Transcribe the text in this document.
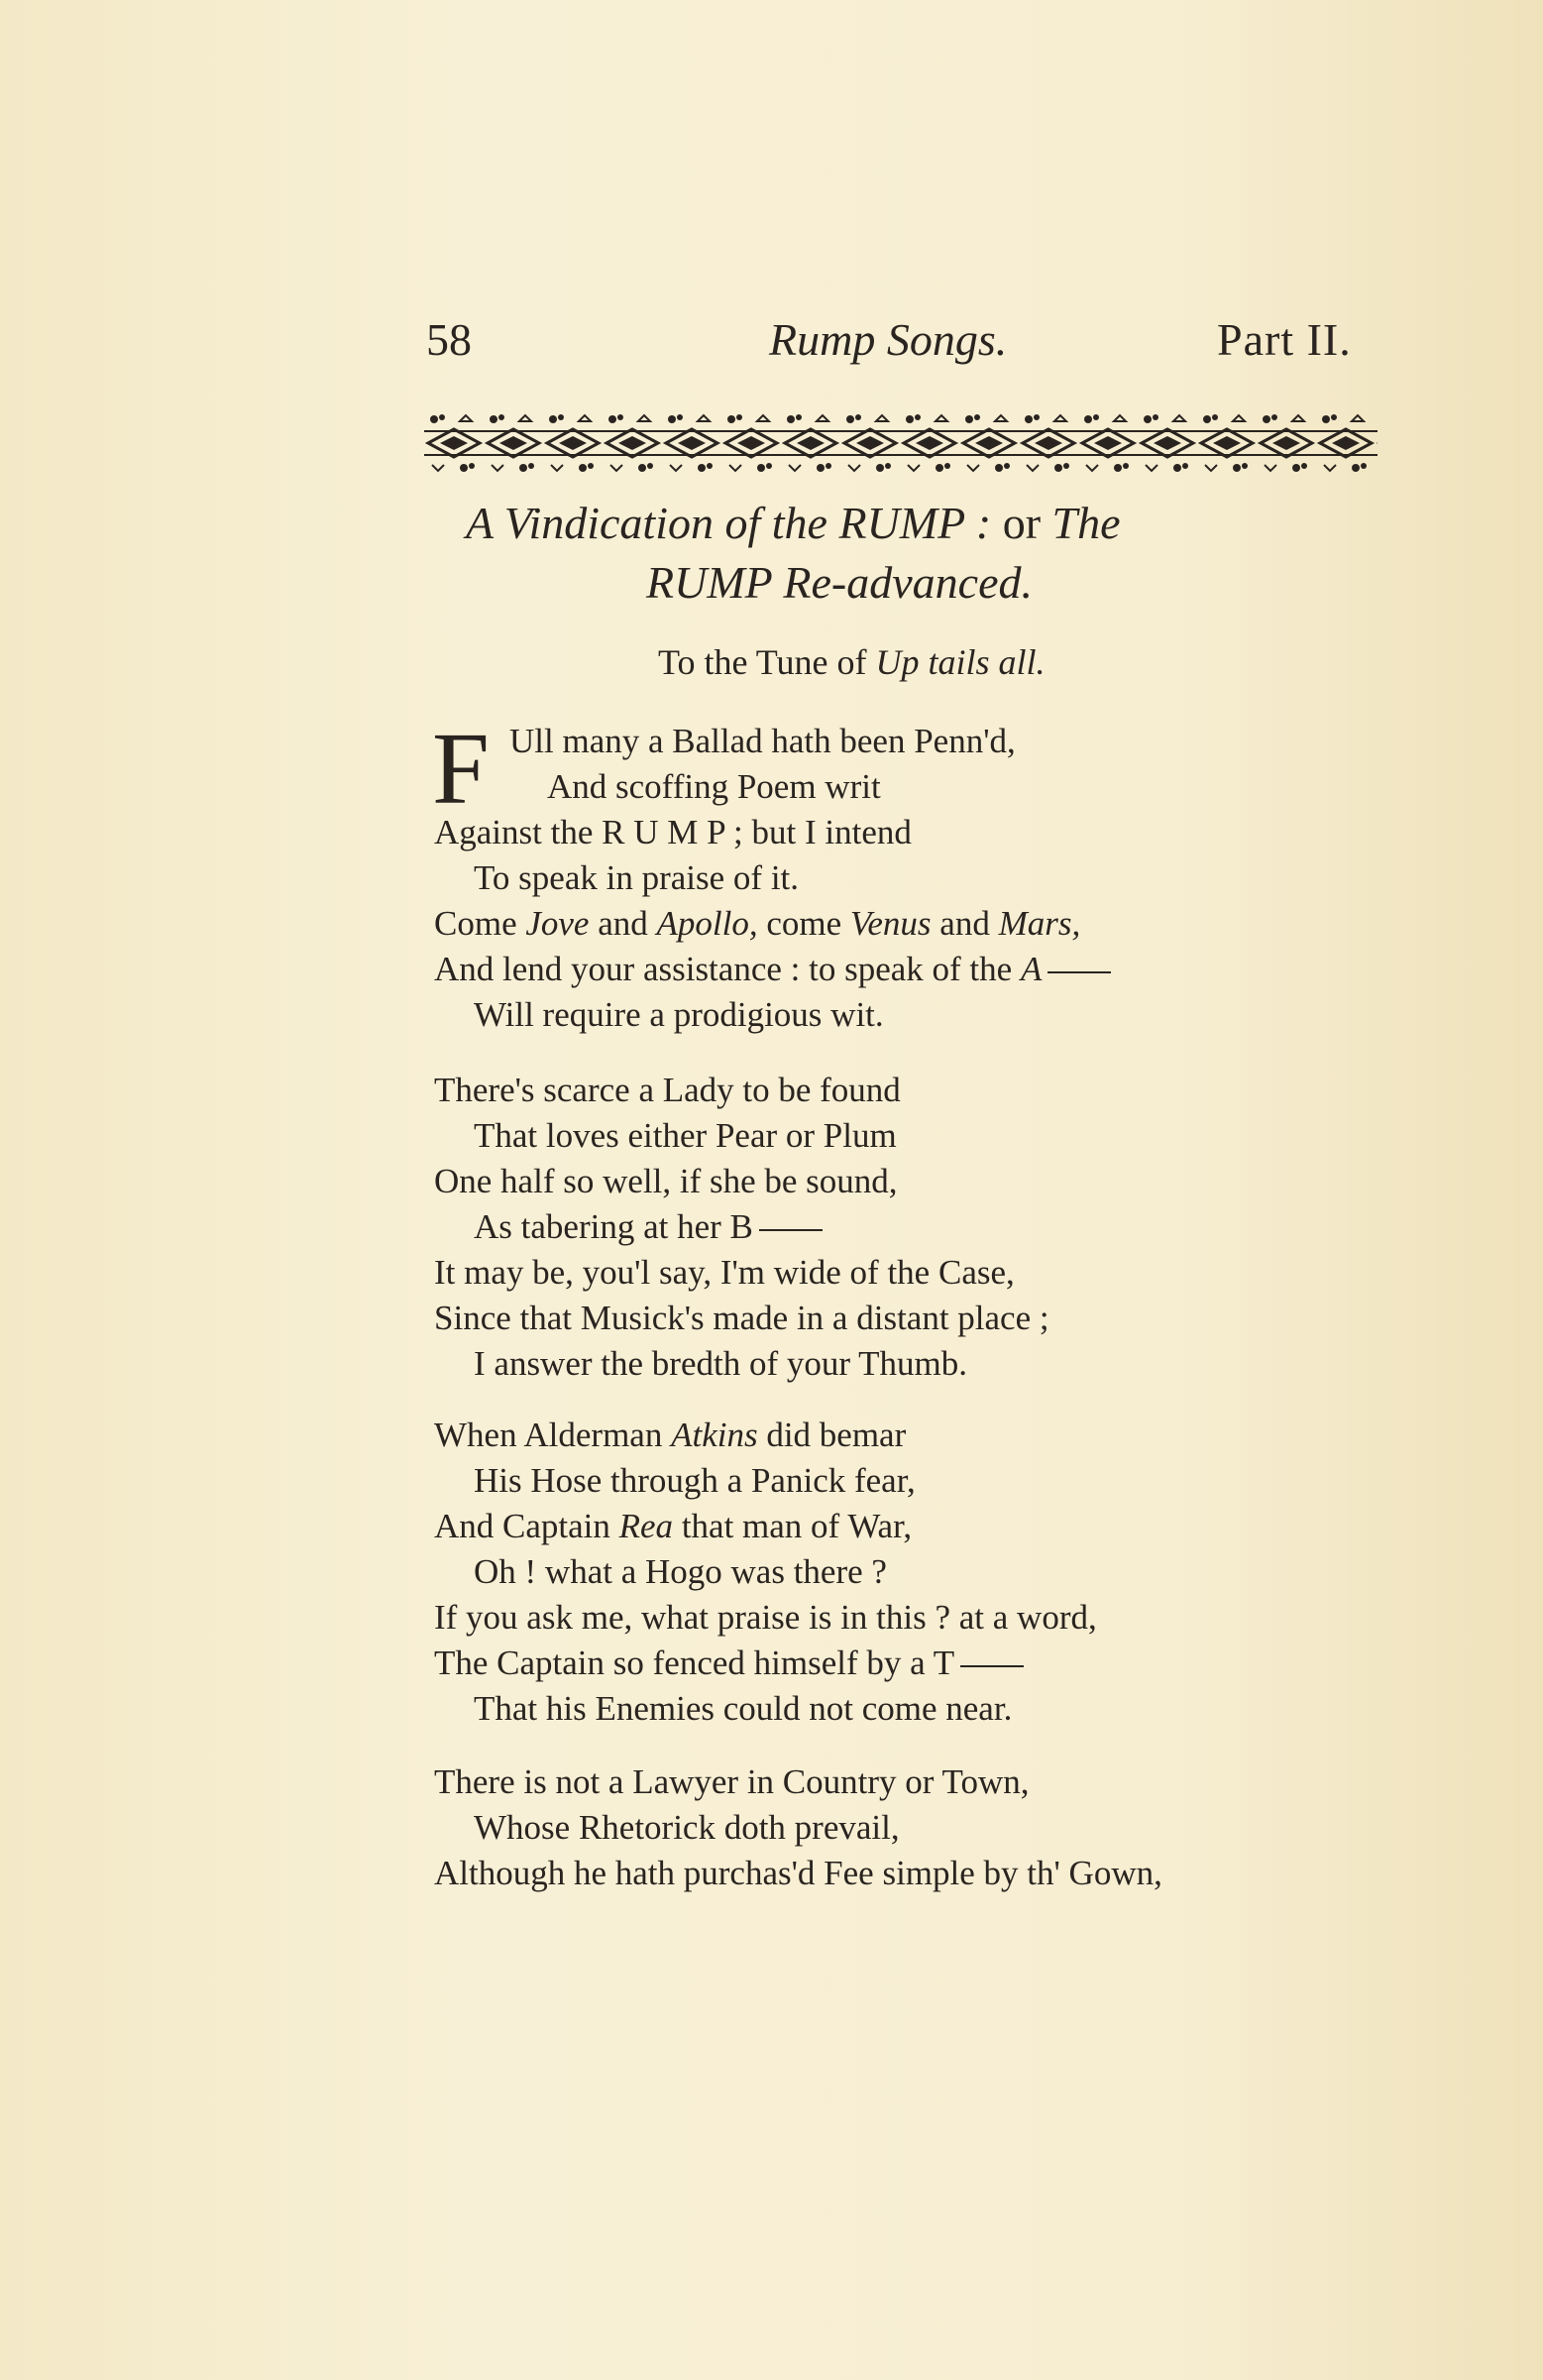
58	Rump Songs.	Part II.
A Vindication of the RUMP : or The
RUMP Re-advanced.
To the Tune of Up tails all.
F Ull many a Ballad hath been Penn'd,
And scoffing Poem writ
Against the R U M P ; but I intend
To speak in praise of it.
Come Jove and Apollo, come Venus and Mars,
And lend your assistance : to speak of the A
Will require a prodigious wit.
There's scarce a Lady to be found
That loves either Pear or Plum
One half so well, if she be sound,
As tabering at her B
It may be, you'l say, I'm wide of the Case,
Since that Musick's made in a distant place ;
I answer the bredth of your Thumb.
When Alderman Atkins did bemar
His Hose through a Panick fear,
And Captain Rea that man of War,
Oh ! what a Hogo was there ?
If you ask me, what praise is in this ? at a word,
The Captain so fenced himself by a T
That his Enemies could not come near.
There is not a Lawyer in Country or Town,
Whose Rhetorick doth prevail,
Although he hath purchas'd Fee simple by th' Gown,
